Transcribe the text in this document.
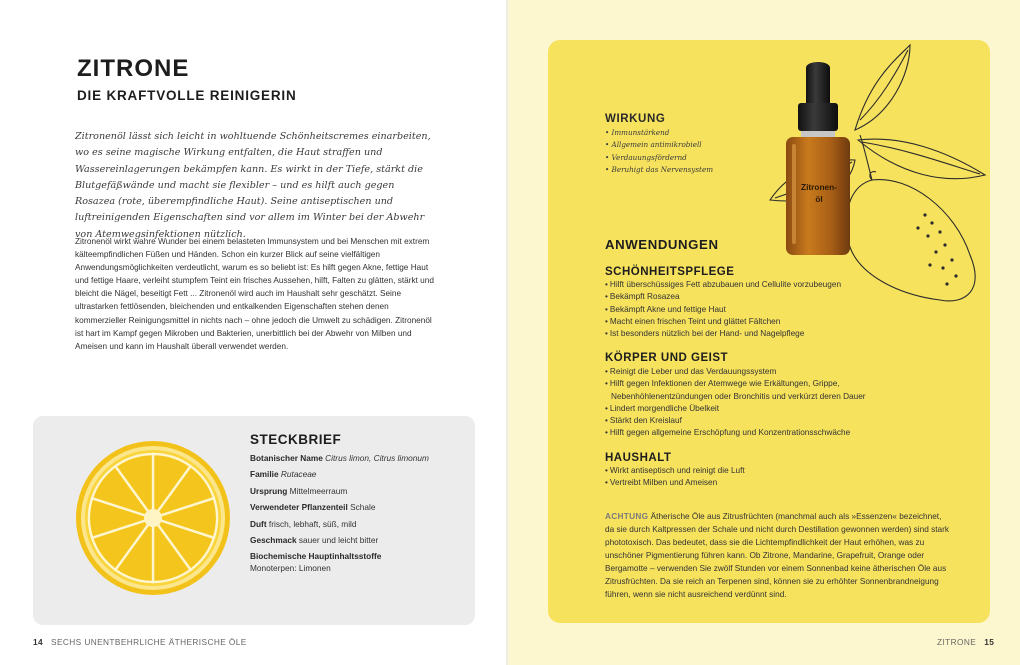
ZITRONE
DIE KRAFTVOLLE REINIGERIN

Zitronenöl lässt sich leicht in wohltuende Schönheitscremes einarbeiten, wo es seine magische Wirkung entfalten, die Haut straffen und Wassereinlagerungen bekämpfen kann. Es wirkt in der Tiefe, stärkt die Blutgefäßwände und macht sie flexibler – und es hilft auch gegen Rosazea (rote, überempfindliche Haut). Seine antiseptischen und luftreinigenden Eigenschaften sind vor allem im Winter bei der Abwehr von Atemwegsinfektionen nützlich.

Zitronenöl wirkt wahre Wunder bei einem belasteten Immunsystem und bei Menschen mit extrem kälteempfindlichen Füßen und Händen. Schon ein kurzer Blick auf seine vielfältigen Anwendungsmöglichkeiten verdeutlicht, warum es so beliebt ist: Es hilft gegen Akne, fettige Haut und fettige Haare, verleiht stumpfem Teint ein frisches Aussehen, hilft, Falten zu glätten, stärkt und bleicht die Nägel, beseitigt Fett ... Zitronenöl wird auch im Haushalt sehr geschätzt. Seine ultrastarken fettlösenden, bleichenden und entkalkenden Eigenschaften stehen denen kommerzieller Reinigungsmittel in nichts nach – ohne jedoch die Umwelt zu schädigen. Zitronenöl ist hart im Kampf gegen Mikroben und Bakterien, unerbittlich bei der Abwehr von Milben und Ameisen und kann im Haushalt überall verwendet werden.

STECKBRIEF
Botanischer Name Citrus limon, Citrus limonum
Familie Rutaceae
Ursprung Mittelmeerraum
Verwendeter Pflanzenteil Schale
Duft frisch, lebhaft, süß, mild
Geschmack sauer und leicht bitter
Biochemische Hauptinhaltsstoffe
Monoterpen: Limonen
14 SECHS UNENTBEHRLICHE ÄTHERISCHE ÖLE
Zitronen-
öl
WIRKUNG
• Immunstärkend
• Allgemein antimikrobiell
• Verdauungsfördernd
• Beruhigt das Nervensystem
ANWENDUNGEN
SCHÖNHEITSPFLEGE
• Hilft überschüssiges Fett abzubauen und Cellulite vorzubeugen
• Bekämpft Rosazea
• Bekämpft Akne und fettige Haut
• Macht einen frischen Teint und glättet Fältchen
• Ist besonders nützlich bei der Hand- und Nagelpflege
KÖRPER UND GEIST
• Reinigt die Leber und das Verdauungssystem
• Hilft gegen Infektionen der Atemwege wie Erkältungen, Grippe, Nebenhöhlenentzündungen oder Bronchitis und verkürzt deren Dauer
• Lindert morgendliche Übelkeit
• Stärkt den Kreislauf
• Hilft gegen allgemeine Erschöpfung und Konzentrationsschwäche
HAUSHALT
• Wirkt antiseptisch und reinigt die Luft
• Vertreibt Milben und Ameisen

ACHTUNG Ätherische Öle aus Zitrusfrüchten (manchmal auch als »Essenzen« bezeichnet, da sie durch Kaltpressen der Schale und nicht durch Destillation gewonnen werden) sind stark phototoxisch. Das bedeutet, dass sie die Lichtempfindlichkeit der Haut erhöhen, was zu unschöner Pigmentierung führen kann. Ob Zitrone, Mandarine, Grapefruit, Orange oder Bergamotte – verwenden Sie zwölf Stunden vor einem Sonnenbad keine ätherischen Öle aus Zitrusfrüchten. Da sie reich an Terpenen sind, können sie zu erhöhter Sonnenbrandneigung führen, wenn sie nicht ausreichend verdünnt sind.

ZITRONE 15
